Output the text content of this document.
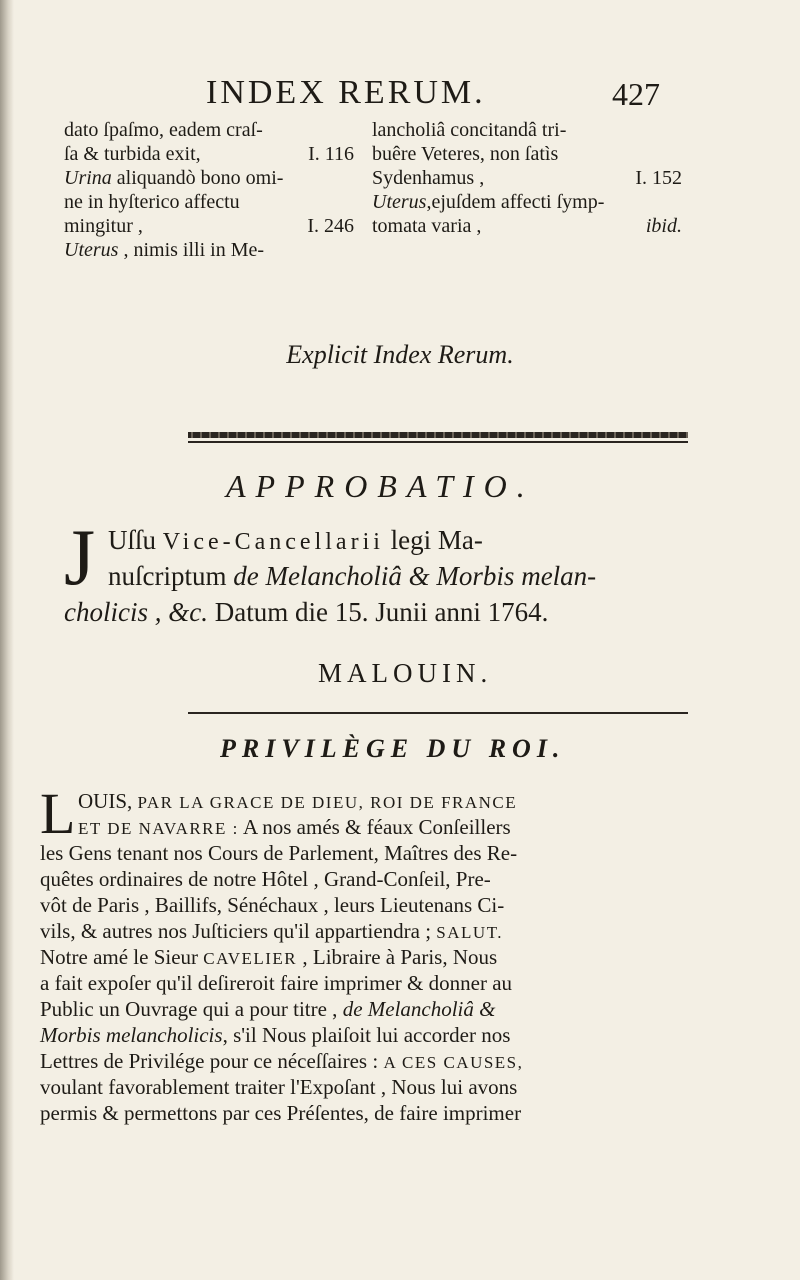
INDEX RERUM.	427
dato ſpaſmo, eadem craſ-
ſa & turbida exit,	I. 116
Urina aliquandò bono omi-
ne in hyſterico affectu
mingitur ,	I. 246
Uterus , nimis illi in Me-
lancholiâ concitandâ tri-
buêre Veteres, non ſatìs
Sydenhamus ,	I. 152
Uterus,ejuſdem affecti ſymp-
tomata varia ,	ibid.
Explicit Index Rerum.
APPROBATIO.
J Uſſu Vice-Cancellarii legi Ma-
nuſcriptum de Melancholiâ & Morbis melan-
cholicis , &c. Datum die 15. Junii anni 1764.
MALOUIN.
PRIVILÈGE DU ROI.
L OUIS, PAR LA GRACE DE DIEU, ROI DE FRANCE
ET DE NAVARRE : A nos amés & féaux Conſeillers
les Gens tenant nos Cours de Parlement, Maîtres des Re-
quêtes ordinaires de notre Hôtel , Grand-Conſeil, Pre-
vôt de Paris , Baillifs, Sénéchaux , leurs Lieutenans Ci-
vils, & autres nos Juſticiers qu'il appartiendra ; SALUT.
Notre amé le Sieur CAVELIER , Libraire à Paris, Nous
a fait expoſer qu'il deſireroit faire imprimer & donner au
Public un Ouvrage qui a pour titre , de Melancholiâ &
Morbis melancholicis, s'il Nous plaiſoit lui accorder nos
Lettres de Privilége pour ce néceſſaires : A CES CAUSES,
voulant favorablement traiter l'Expoſant , Nous lui avons
permis & permettons par ces Préſentes, de faire imprimer
